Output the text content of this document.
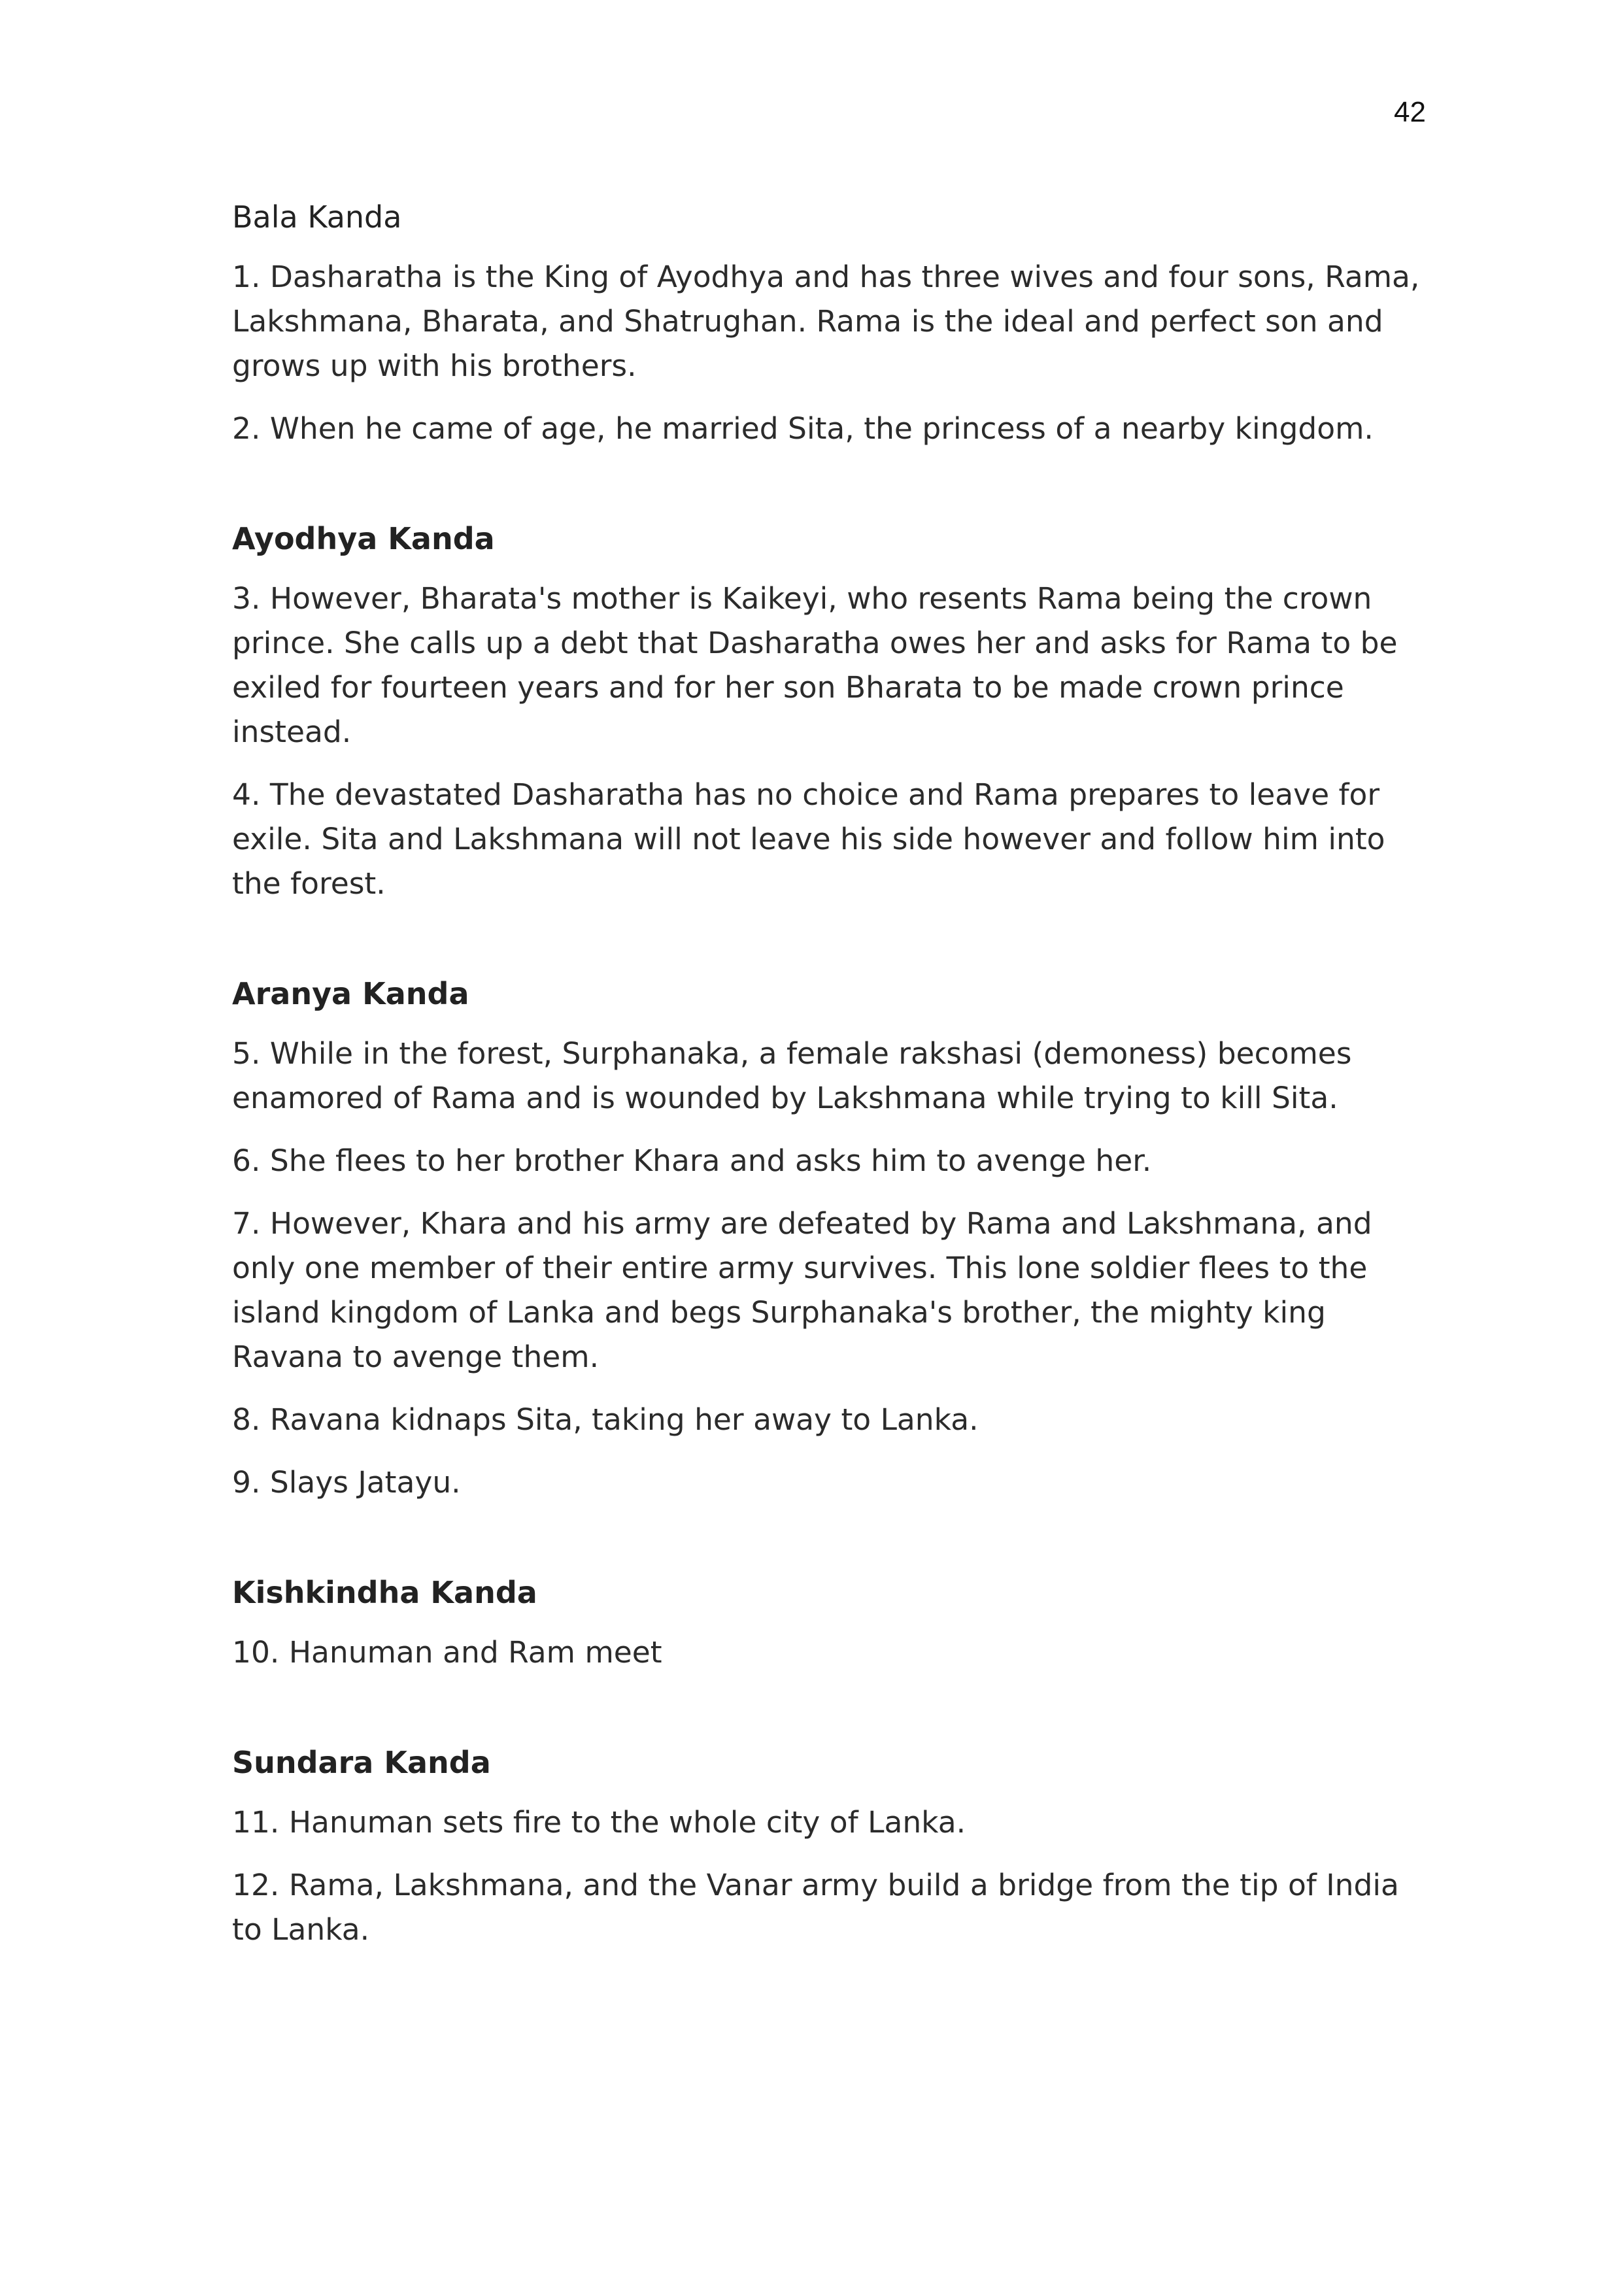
42
Bala Kanda

1. Dasharatha is the King of Ayodhya and has three wives and four sons, Rama, Lakshmana, Bharata, and Shatrughan. Rama is the ideal and perfect son and grows up with his brothers.

2. When he came of age, he married Sita, the princess of a nearby kingdom.

Ayodhya Kanda

3. However, Bharata's mother is Kaikeyi, who resents Rama being the crown prince. She calls up a debt that Dasharatha owes her and asks for Rama to be exiled for fourteen years and for her son Bharata to be made crown prince instead.

4. The devastated Dasharatha has no choice and Rama prepares to leave for exile. Sita and Lakshmana will not leave his side however and follow him into the forest.

Aranya Kanda

5. While in the forest, Surphanaka, a female rakshasi (demoness) becomes enamored of Rama and is wounded by Lakshmana while trying to kill Sita.

6. She flees to her brother Khara and asks him to avenge her.

7. However, Khara and his army are defeated by Rama and Lakshmana, and only one member of their entire army survives. This lone soldier flees to the island kingdom of Lanka and begs Surphanaka's brother, the mighty king Ravana to avenge them.

8. Ravana kidnaps Sita, taking her away to Lanka.

9. Slays Jatayu.

Kishkindha Kanda

10. Hanuman and Ram meet

Sundara Kanda

11. Hanuman sets fire to the whole city of Lanka.

12. Rama, Lakshmana, and the Vanar army build a bridge from the tip of India to Lanka.
